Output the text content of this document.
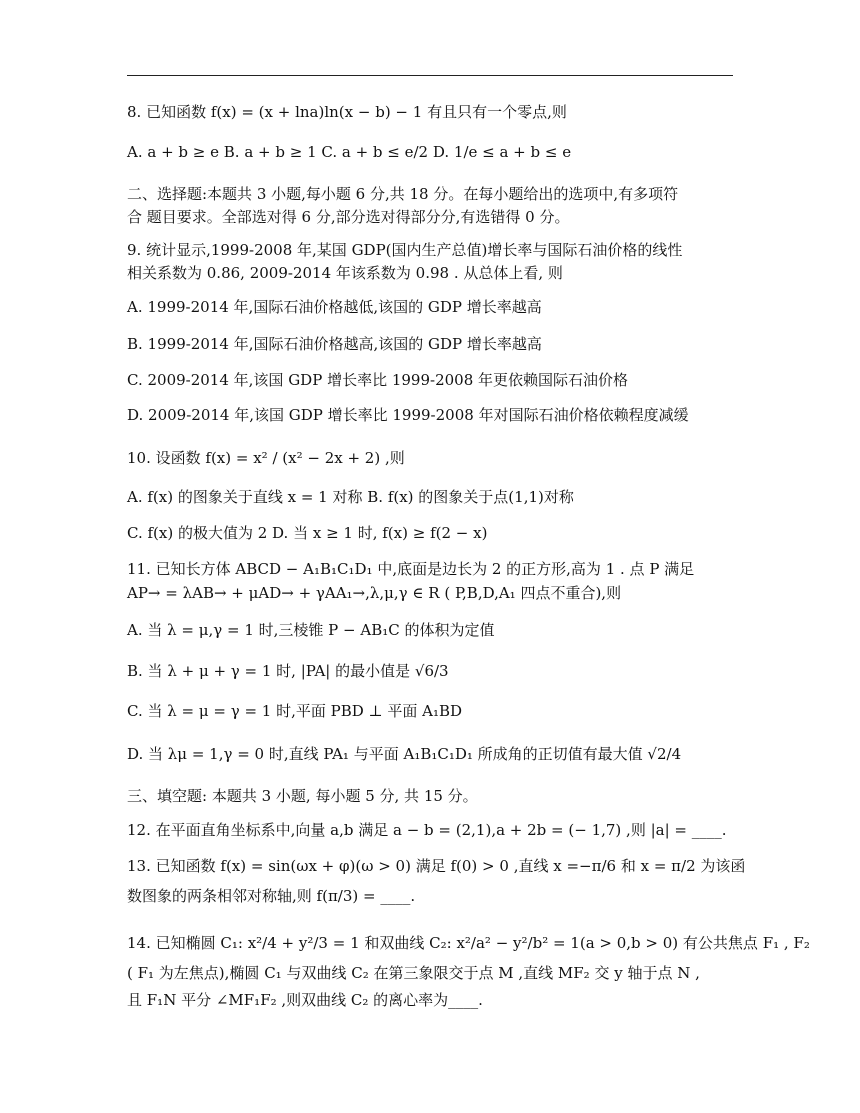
8. 已知函数 f(x) = (x + lna)ln(x − b) − 1 有且只有一个零点,则
A. a + b ≥ e B. a + b ≥ 1 C. a + b ≤ e/2 D. 1/e ≤ a + b ≤ e
二、选择题:本题共 3 小题,每小题 6 分,共 18 分。在每小题给出的选项中,有多项符
合 题目要求。全部选对得 6 分,部分选对得部分分,有选错得 0 分。
9. 统计显示,1999-2008 年,某国 GDP(国内生产总值)增长率与国际石油价格的线性
相关系数为 0.86, 2009-2014 年该系数为 0.98 . 从总体上看, 则
A. 1999-2014 年,国际石油价格越低,该国的 GDP 增长率越高
B. 1999-2014 年,国际石油价格越高,该国的 GDP 增长率越高
C. 2009-2014 年,该国 GDP 增长率比 1999-2008 年更依赖国际石油价格
D. 2009-2014 年,该国 GDP 增长率比 1999-2008 年对国际石油价格依赖程度减缓
10. 设函数 f(x) = x² / (x² − 2x + 2) ,则
A. f(x) 的图象关于直线 x = 1 对称 B. f(x) 的图象关于点(1,1)对称
C. f(x) 的极大值为 2 D. 当 x ≥ 1 时, f(x) ≥ f(2 − x)
11. 已知长方体 ABCD − A₁B₁C₁D₁ 中,底面是边长为 2 的正方形,高为 1 . 点 P 满足
AP→ = λAB→ + μAD→ + γAA₁→,λ,μ,γ ∈ R ( P,B,D,A₁ 四点不重合),则
A. 当 λ = μ,γ = 1 时,三棱锥 P − AB₁C 的体积为定值
B. 当 λ + μ + γ = 1 时, |PA| 的最小值是 √6/3
C. 当 λ = μ = γ = 1 时,平面 PBD ⊥ 平面 A₁BD
D. 当 λμ = 1,γ = 0 时,直线 PA₁ 与平面 A₁B₁C₁D₁ 所成角的正切值有最大值 √2/4
三、填空题: 本题共 3 小题, 每小题 5 分, 共 15 分。
12. 在平面直角坐标系中,向量 a,b 满足 a − b = (2,1),a + 2b = (− 1,7) ,则 |a| = ____.
13. 已知函数 f(x) = sin(ωx + φ)(ω > 0) 满足 f(0) > 0 ,直线 x =−π/6 和 x = π/2 为该函
数图象的两条相邻对称轴,则 f(π/3) = ____.
14. 已知椭圆 C₁: x²/4 + y²/3 = 1 和双曲线 C₂: x²/a² − y²/b² = 1(a > 0,b > 0) 有公共焦点 F₁ , F₂
( F₁ 为左焦点),椭圆 C₁ 与双曲线 C₂ 在第三象限交于点 M ,直线 MF₂ 交 y 轴于点 N ,
且 F₁N 平分 ∠MF₁F₂ ,则双曲线 C₂ 的离心率为____.
